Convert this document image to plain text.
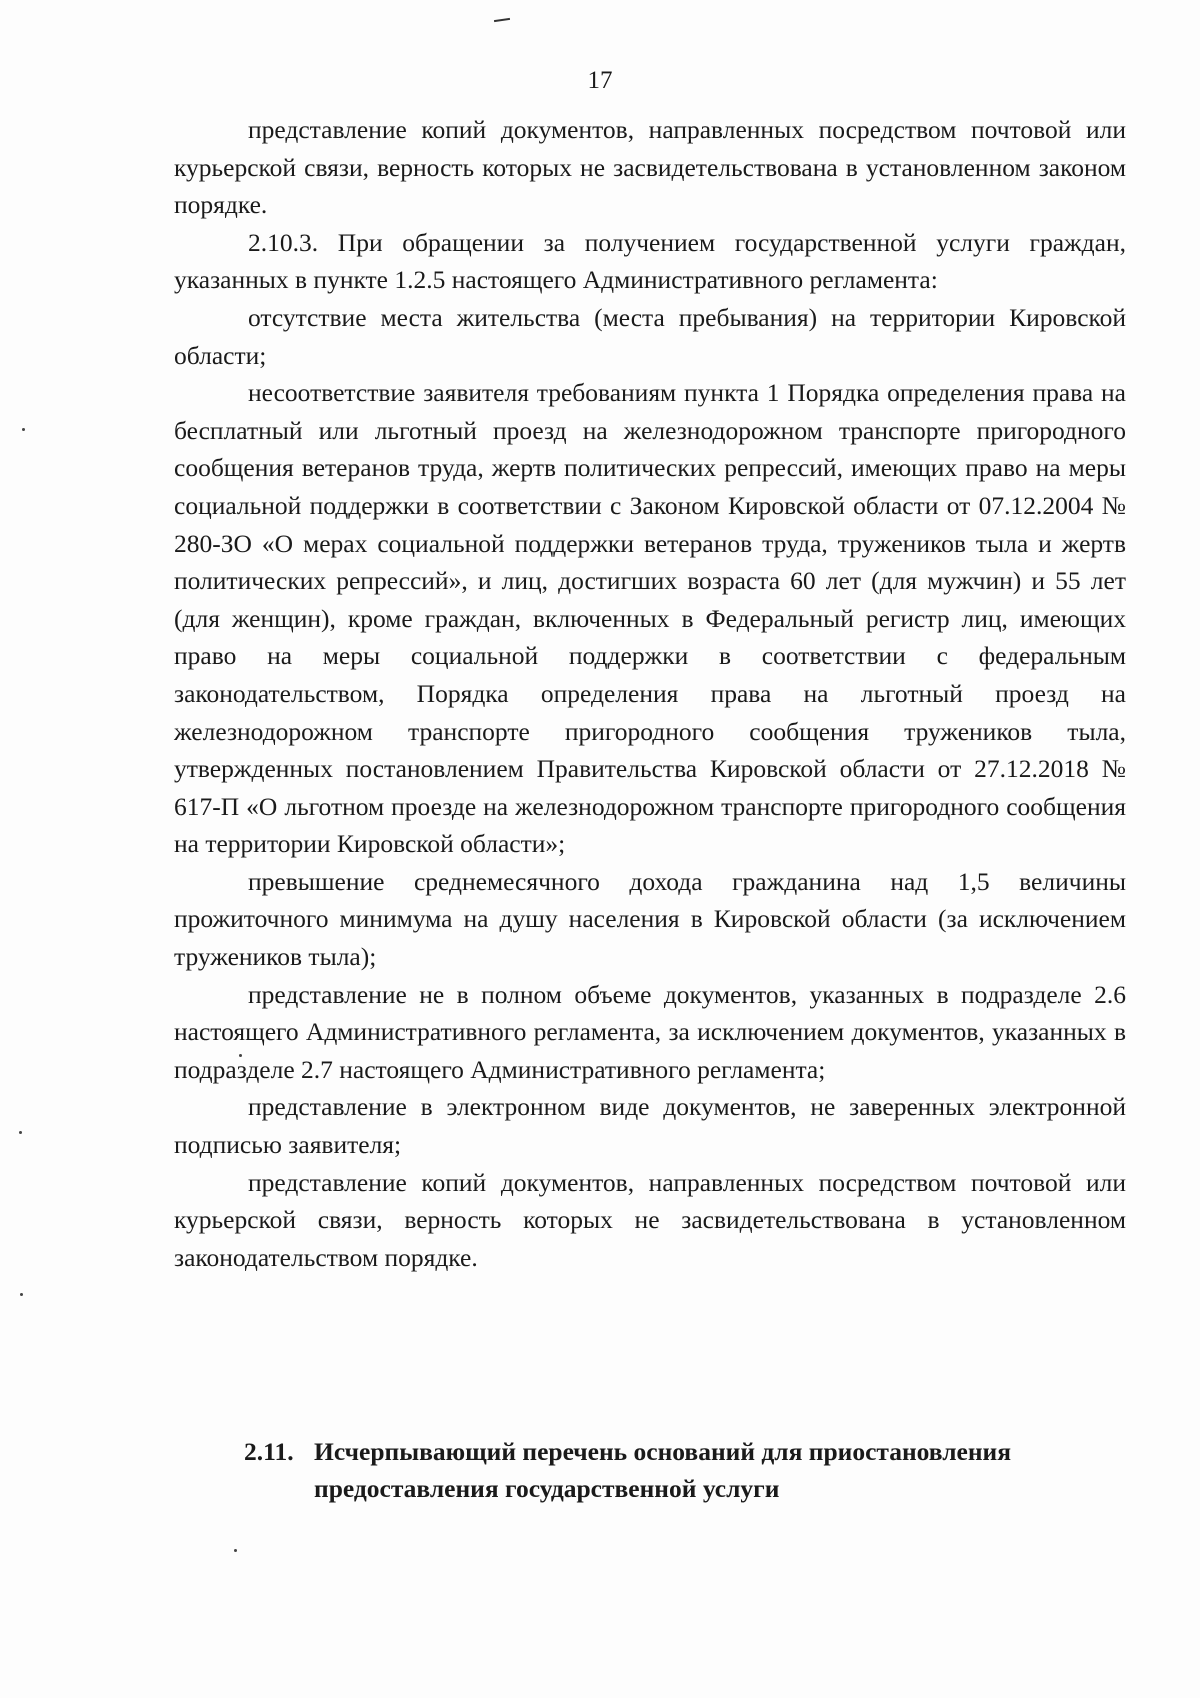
17

представление копий документов, направленных посредством почтовой или курьерской связи, верность которых не засвидетельствована в установленном законом порядке.

2.10.3. При обращении за получением государственной услуги граждан, указанных в пункте 1.2.5 настоящего Административного регламента:

отсутствие места жительства (места пребывания) на территории Кировской области;

несоответствие заявителя требованиям пункта 1 Порядка определения права на бесплатный или льготный проезд на железнодорожном транспорте пригородного сообщения ветеранов труда, жертв политических репрессий, имеющих право на меры социальной поддержки в соответствии с Законом Кировской области от 07.12.2004 № 280-ЗО «О мерах социальной поддержки ветеранов труда, тружеников тыла и жертв политических репрессий», и лиц, достигших возраста 60 лет (для мужчин) и 55 лет (для женщин), кроме граждан, включенных в Федеральный регистр лиц, имеющих право на меры социальной поддержки в соответствии с федеральным законодательством, Порядка определения права на льготный проезд на железнодорожном транспорте пригородного сообщения тружеников тыла, утвержденных постановлением Правительства Кировской области от 27.12.2018 № 617-П «О льготном проезде на железнодорожном транспорте пригородного сообщения на территории Кировской области»;

превышение среднемесячного дохода гражданина над 1,5 величины прожиточного минимума на душу населения в Кировской области (за исключением тружеников тыла);

представление не в полном объеме документов, указанных в подразделе 2.6 настоящего Административного регламента, за исключением документов, указанных в подразделе 2.7 настоящего Административного регламента;

представление в электронном виде документов, не заверенных электронной подписью заявителя;

представление копий документов, направленных посредством почтовой или курьерской связи, верность которых не засвидетельствована в установленном законодательством порядке.

2.11. Исчерпывающий перечень оснований для приостановления
предоставления государственной услуги
